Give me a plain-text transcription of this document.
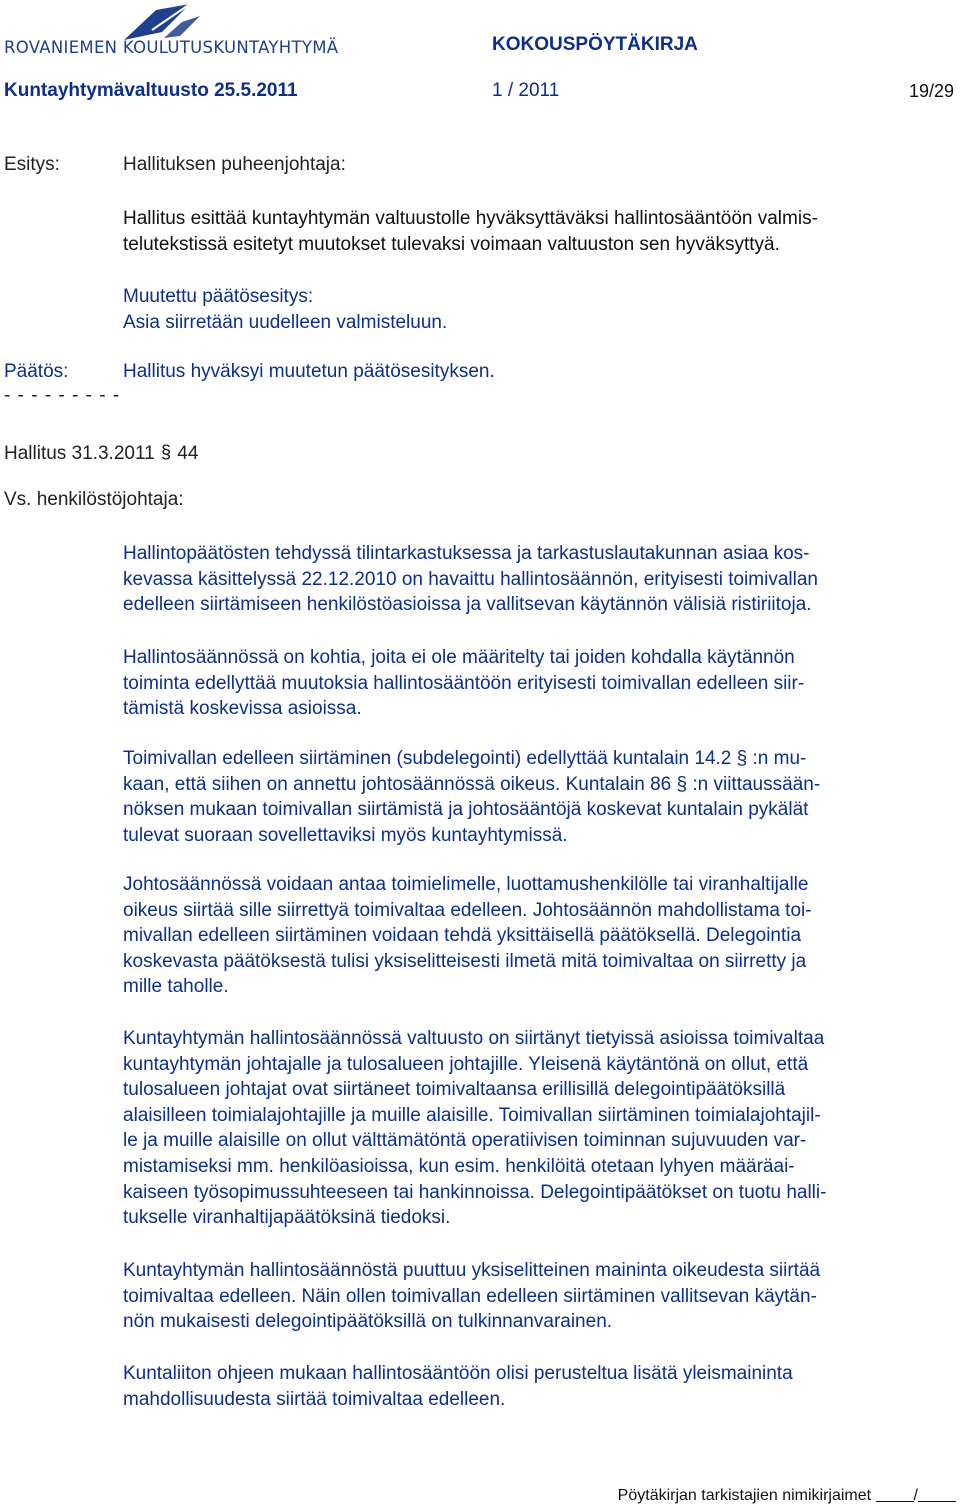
ROVANIEMEN KOULUTUSKUNTAYHTYMÄ	KOKOUSPÖYTÄKIRJA
Kuntayhtymävaltuusto 25.5.2011	1 / 2011	19/29
Esitys:	Hallituksen puheenjohtaja:
Hallitus esittää kuntayhtymän valtuustolle hyväksyttäväksi hallintosääntöön valmis-
telutekstissä esitetyt muutokset tulevaksi voimaan valtuuston sen hyväksyttyä.
Muutettu päätösesitys:
Asia siirretään uudelleen valmisteluun.
Päätös:	Hallitus hyväksyi muutetun päätösesityksen.
- - - - - - - - -
Hallitus 31.3.2011 § 44
Vs. henkilöstöjohtaja:
Hallintopäätösten tehdyssä tilintarkastuksessa ja tarkastuslautakunnan asiaa kos-
kevassa käsittelyssä 22.12.2010 on havaittu hallintosäännön, erityisesti toimivallan
edelleen siirtämiseen henkilöstöasioissa ja vallitsevan käytännön välisiä ristiriitoja.
Hallintosäännössä on kohtia, joita ei ole määritelty tai joiden kohdalla käytännön
toiminta edellyttää muutoksia hallintosääntöön erityisesti toimivallan edelleen siir-
tämistä koskevissa asioissa.
Toimivallan edelleen siirtäminen (subdelegointi) edellyttää kuntalain 14.2 § :n mu-
kaan, että siihen on annettu johtosäännössä oikeus. Kuntalain 86 § :n viittaussään-
nöksen mukaan toimivallan siirtämistä ja johtosääntöjä koskevat kuntalain pykälät
tulevat suoraan sovellettaviksi myös kuntayhtymissä.
Johtosäännössä voidaan antaa toimielimelle, luottamushenkilölle tai viranhaltijalle
oikeus siirtää sille siirrettyä toimivaltaa edelleen. Johtosäännön mahdollistama toi-
mivallan edelleen siirtäminen voidaan tehdä yksittäisellä päätöksellä. Delegointia
koskevasta päätöksestä tulisi yksiselitteisesti ilmetä mitä toimivaltaa on siirretty ja
mille taholle.
Kuntayhtymän hallintosäännössä valtuusto on siirtänyt tietyissä asioissa toimivaltaa
kuntayhtymän johtajalle ja tulosalueen johtajille. Yleisenä käytäntönä on ollut, että
tulosalueen johtajat ovat siirtäneet toimivaltaansa erillisillä delegointipäätöksillä
alaisilleen toimialajohtajille ja muille alaisille. Toimivallan siirtäminen toimialajohtajil-
le ja muille alaisille on ollut välttämätöntä operatiivisen toiminnan sujuvuuden var-
mistamiseksi mm. henkilöasioissa, kun esim. henkilöitä otetaan lyhyen määräai-
kaiseen työsopimussuhteeseen tai hankinnoissa. Delegointipäätökset on tuotu halli-
tukselle viranhaltijapäätöksinä tiedoksi.
Kuntayhtymän hallintosäännöstä puuttuu yksiselitteinen maininta oikeudesta siirtää
toimivaltaa edelleen. Näin ollen toimivallan edelleen siirtäminen vallitsevan käytän-
nön mukaisesti delegointipäätöksillä on tulkinnanvarainen.
Kuntaliiton ohjeen mukaan hallintosääntöön olisi perusteltua lisätä yleismaininta
mahdollisuudesta siirtää toimivaltaa edelleen.
Pöytäkirjan tarkistajien nimikirjaimet	/
